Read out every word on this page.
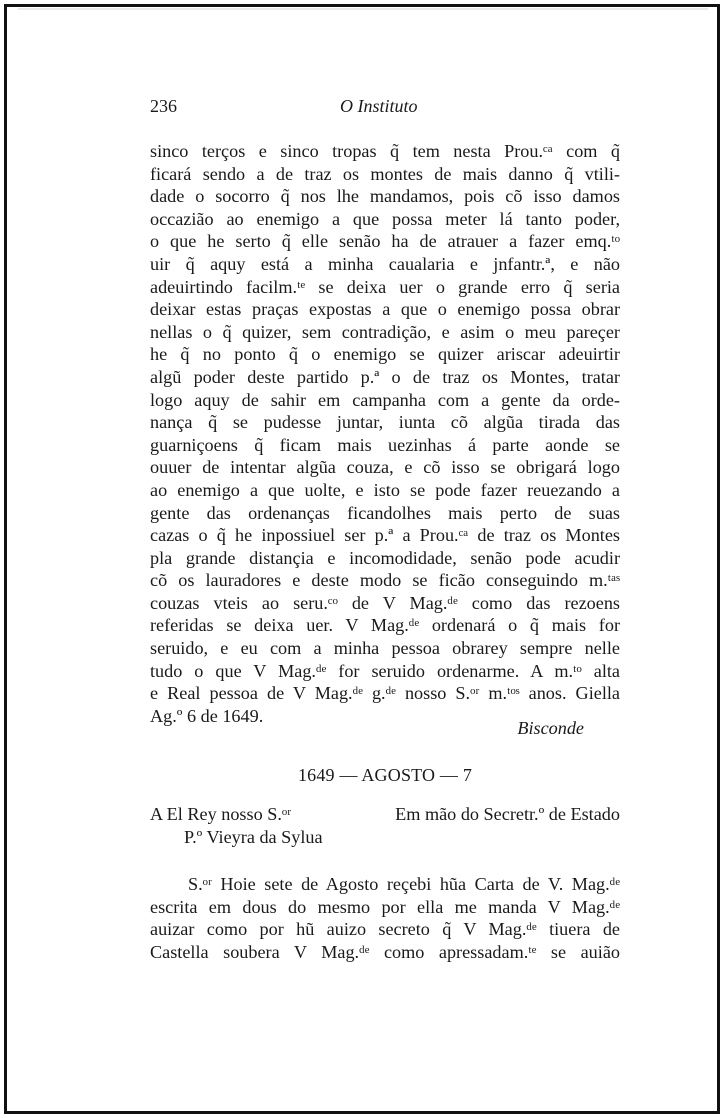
236	O Instituto
sinco terços e sinco tropas q̃ tem nesta Prou.ᶜᵃ com q̃
ficará sendo a de traz os montes de mais danno q̃ vtili-
dade o socorro q̃ nos lhe mandamos, pois cõ isso damos
occazião ao enemigo a que possa meter lá tanto poder,
o que he serto q̃ elle senão ha de atrauer a fazer emq.ᵗᵒ
uir q̃ aquy está a minha caualaria e jnfantr.ª, e não
adeuirtindo facilm.ᵗᵉ se deixa uer o grande erro q̃ seria
deixar estas praças expostas a que o enemigo possa obrar
nellas o q̃ quizer, sem contradição, e asim o meu pareçer
he q̃ no ponto q̃ o enemigo se quizer ariscar adeuirtir
algũ poder deste partido p.ª o de traz os Montes, tratar
logo aquy de sahir em campanha com a gente da orde-
nança q̃ se pudesse juntar, iunta cõ algũa tirada das
guarniçoens q̃ ficam mais uezinhas á parte aonde se
ouuer de intentar algũa couza, e cõ isso se obrigará logo
ao enemigo a que uolte, e isto se pode fazer reuezando a
gente das ordenanças ficandolhes mais perto de suas
cazas o q̃ he inpossiuel ser p.ª a Prou.ᶜᵃ de traz os Montes
pla grande distançia e incomodidade, senão pode acudir
cõ os lauradores e deste modo se ficão conseguindo m.ᵗᵃˢ
couzas vteis ao seru.ᶜᵒ de V Mag.ᵈᵉ como das rezoens
referidas se deixa uer. V Mag.ᵈᵉ ordenará o q̃ mais for
seruido, e eu com a minha pessoa obrarey sempre nelle
tudo o que V Mag.ᵈᵉ for seruido ordenarme. A m.ᵗᵒ alta
e Real pessoa de V Mag.ᵈᵉ g.ᵈᵉ nosso S.ᵒʳ m.ᵗᵒˢ anos. Giella
Ag.º 6 de 1649.
Bisconde
1649 — AGOSTO — 7
A El Rey nosso S.ᵒʳ	Em mão do Secretr.º de Estado
P.º Vieyra da Sylua
S.ᵒʳ Hoie sete de Agosto reçebi hũa Carta de V. Mag.ᵈᵉ
escrita em dous do mesmo por ella me manda V Mag.ᵈᵉ
auizar como por hũ auizo secreto q̃ V Mag.ᵈᵉ tiuera de
Castella soubera V Mag.ᵈᵉ como apressadam.ᵗᵉ se auião
